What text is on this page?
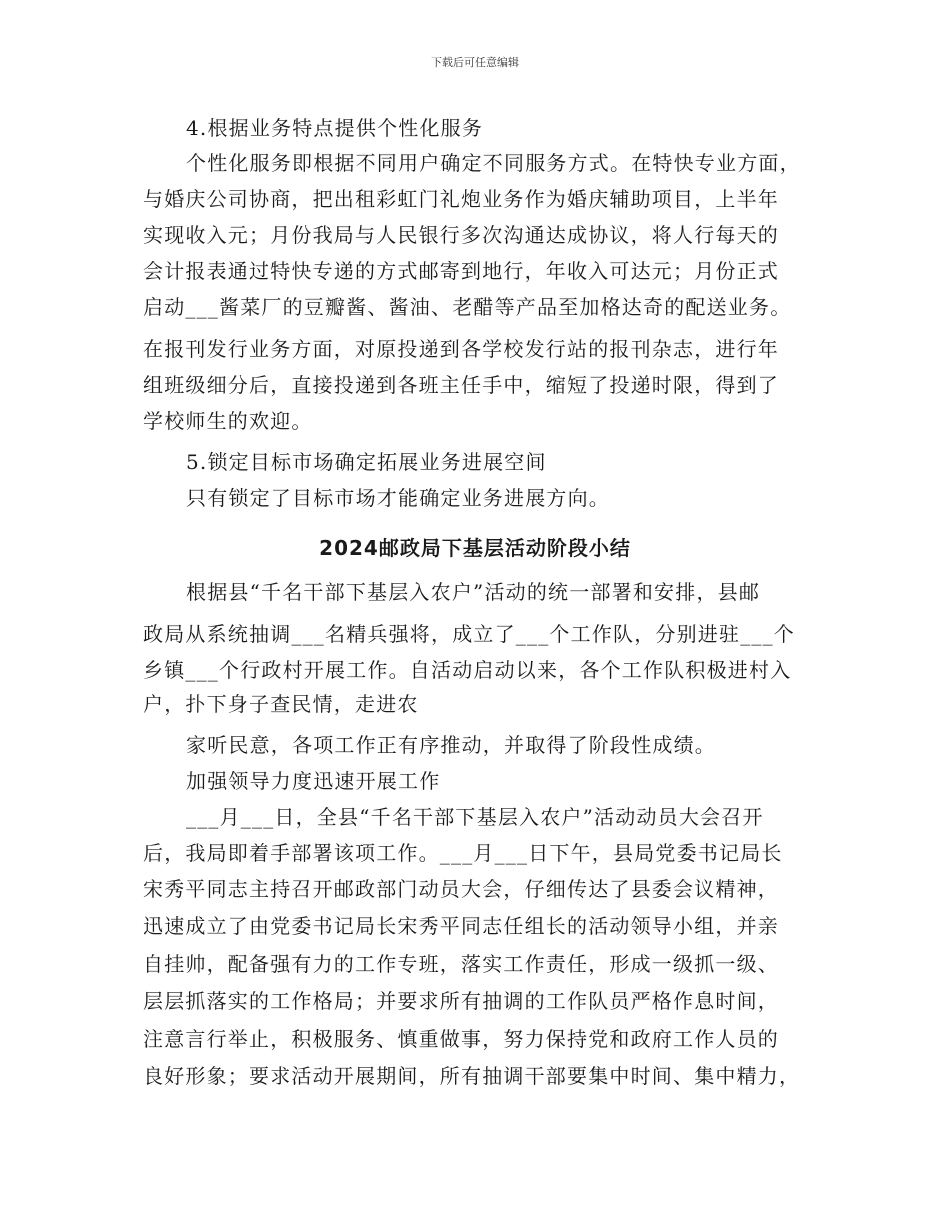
下载后可任意编辑
4.根据业务特点提供个性化服务
个性化服务即根据不同用户确定不同服务方式。在特快专业方面，
与婚庆公司协商，把出租彩虹门礼炮业务作为婚庆辅助项目，上半年
实现收入元；月份我局与人民银行多次沟通达成协议，将人行每天的
会计报表通过特快专递的方式邮寄到地行，年收入可达元；月份正式
启动___酱菜厂的豆瓣酱、酱油、老醋等产品至加格达奇的配送业务。
在报刊发行业务方面，对原投递到各学校发行站的报刊杂志，进行年
组班级细分后，直接投递到各班主任手中，缩短了投递时限，得到了
学校师生的欢迎。
5.锁定目标市场确定拓展业务进展空间
只有锁定了目标市场才能确定业务进展方向。
2024邮政局下基层活动阶段小结
根据县“千名干部下基层入农户”活动的统一部署和安排，县邮
政局从系统抽调___名精兵强将，成立了___个工作队，分别进驻___个
乡镇___个行政村开展工作。自活动启动以来，各个工作队积极进村入
户，扑下身子查民情，走进农
家听民意，各项工作正有序推动，并取得了阶段性成绩。
加强领导力度迅速开展工作
___月___日，全县“千名干部下基层入农户”活动动员大会召开
后，我局即着手部署该项工作。___月___日下午，县局党委书记局长
宋秀平同志主持召开邮政部门动员大会，仔细传达了县委会议精神，
迅速成立了由党委书记局长宋秀平同志任组长的活动领导小组，并亲
自挂帅，配备强有力的工作专班，落实工作责任，形成一级抓一级、
层层抓落实的工作格局；并要求所有抽调的工作队员严格作息时间，
注意言行举止，积极服务、慎重做事，努力保持党和政府工作人员的
良好形象；要求活动开展期间，所有抽调干部要集中时间、集中精力，
